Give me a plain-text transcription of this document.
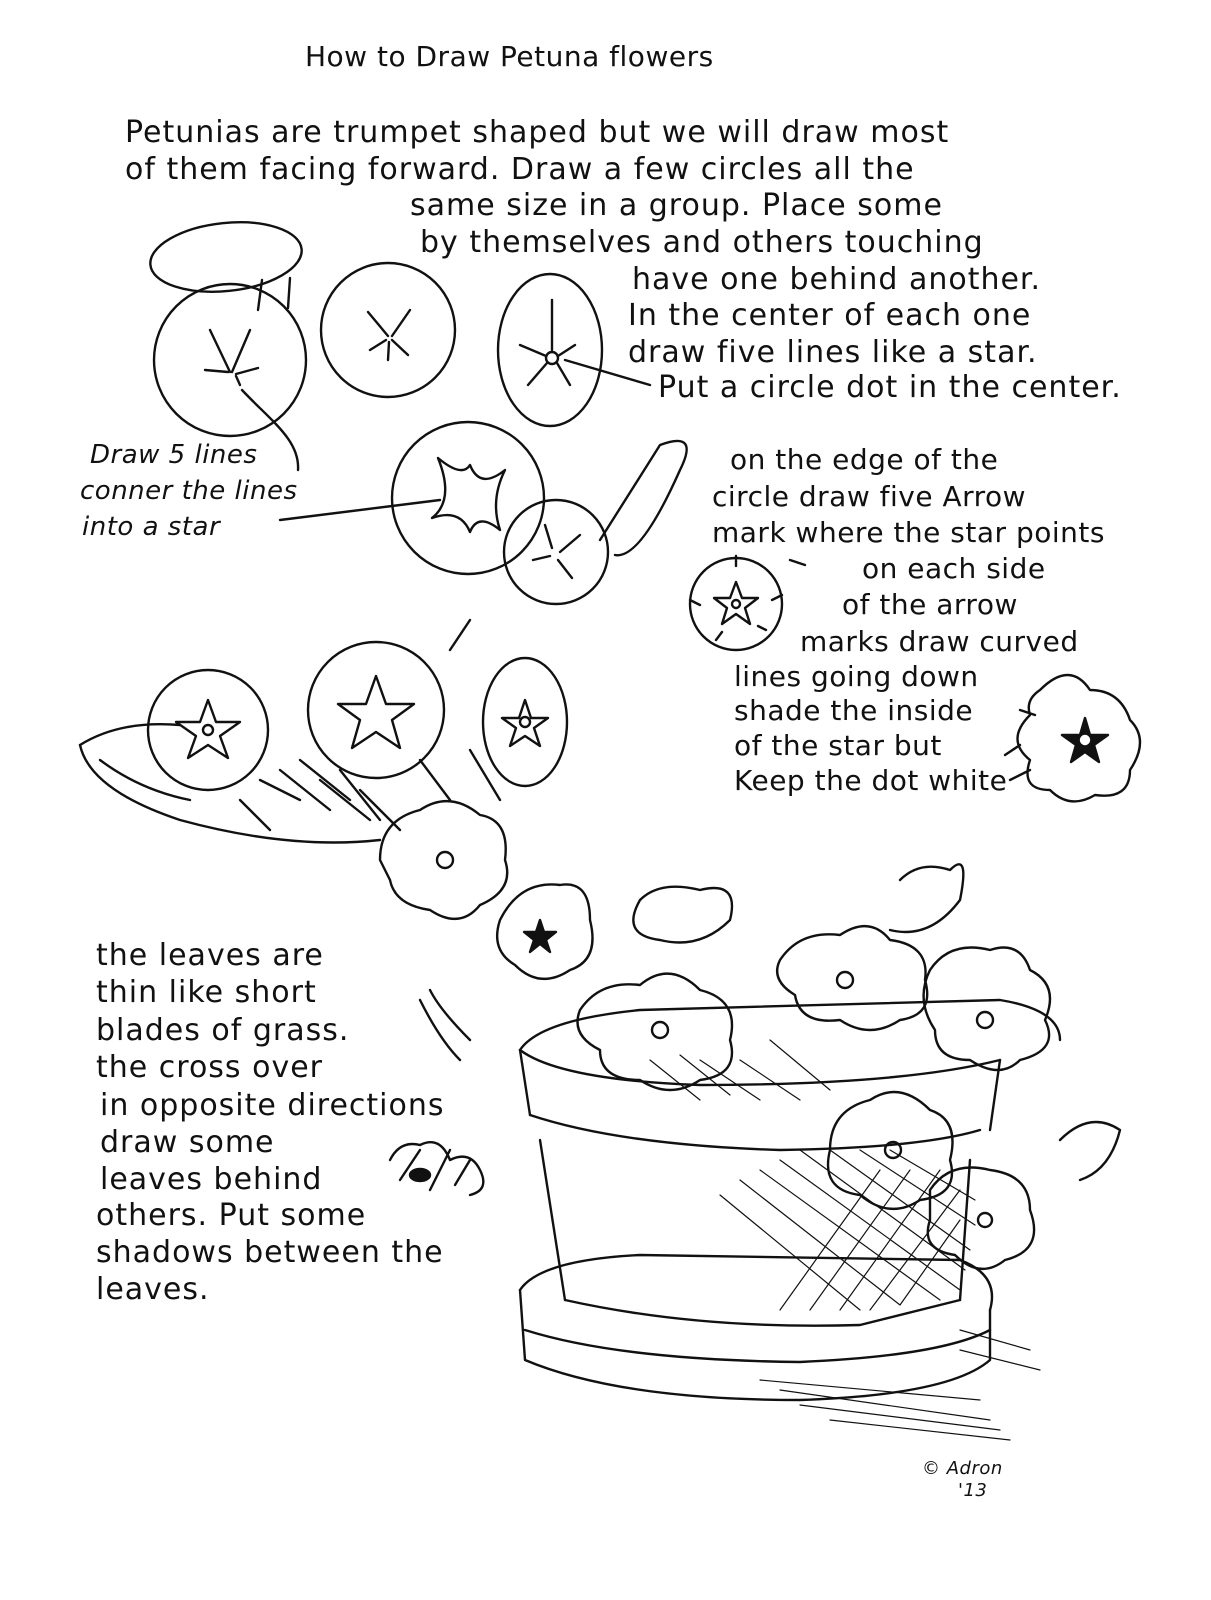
How to Draw Petuna flowers
Petunias are trumpet shaped but we will draw most
of them facing forward. Draw a few circles all the
same size in a group. Place some
by themselves and others touching
have one behind another.
In the center of each one
draw five lines like a star.
Put a circle dot in the center.
Draw 5 lines
conner the lines
into a star
on the edge of the
circle draw five Arrow
mark where the star points
on each side
of the arrow
marks draw curved
lines going down
shade the inside
of the star but
Keep the dot white
the leaves are
thin like short
blades of grass.
the cross over
in opposite directions
draw some
leaves behind
others. Put some
shadows between the
leaves.
© Adron
'13
